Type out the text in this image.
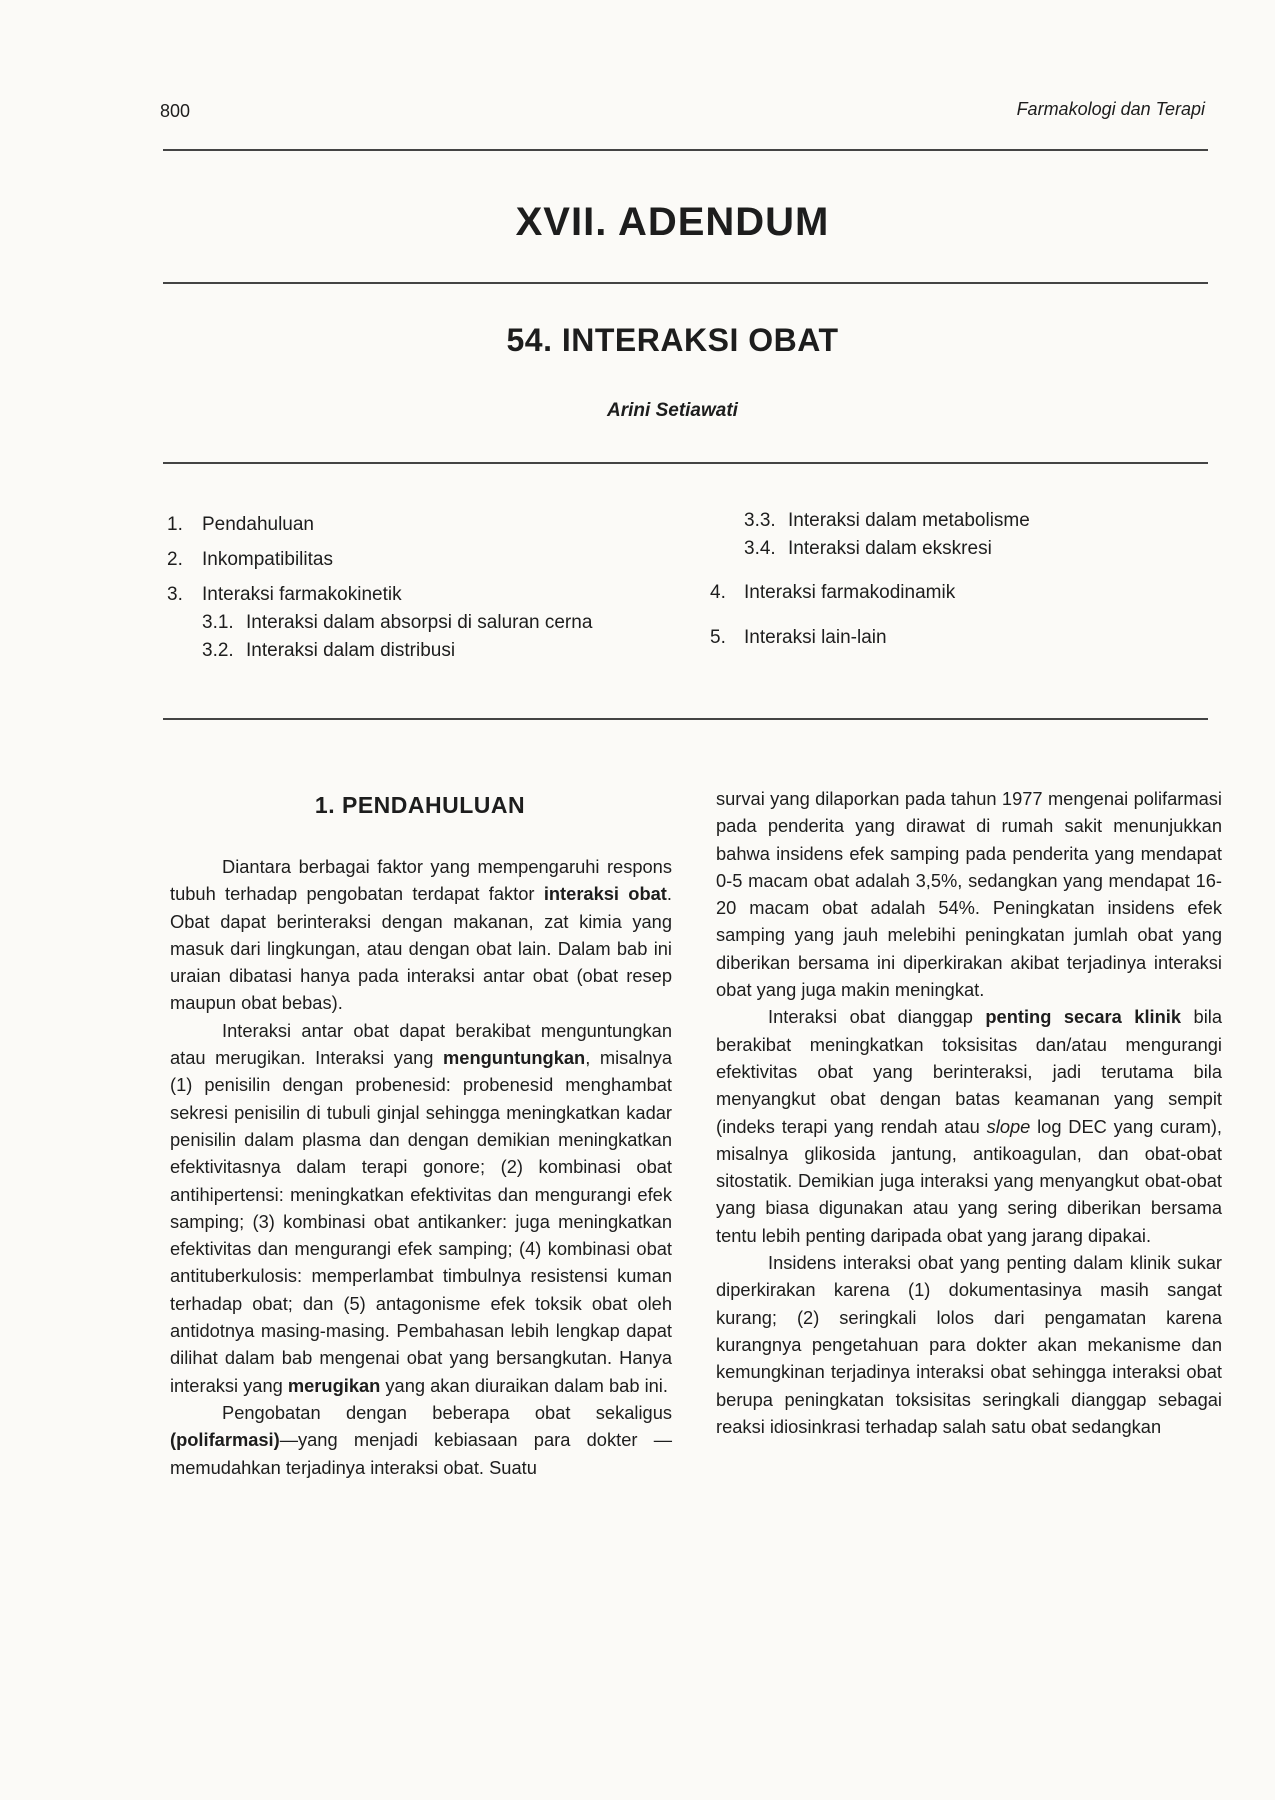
800	Farmakologi dan Terapi
XVII. ADENDUM
54. INTERAKSI OBAT
Arini Setiawati
1. Pendahuluan
2. Inkompatibilitas
3. Interaksi farmakokinetik
3.1. Interaksi dalam absorpsi di saluran cerna
3.2. Interaksi dalam distribusi
3.3. Interaksi dalam metabolisme
3.4. Interaksi dalam ekskresi
4. Interaksi farmakodinamik
5. Interaksi lain-lain
1. PENDAHULUAN

Diantara berbagai faktor yang mempengaruhi respons tubuh terhadap pengobatan terdapat faktor interaksi obat. Obat dapat berinteraksi dengan makanan, zat kimia yang masuk dari lingkungan, atau dengan obat lain. Dalam bab ini uraian dibatasi hanya pada interaksi antar obat (obat resep maupun obat bebas).

Interaksi antar obat dapat berakibat menguntungkan atau merugikan. Interaksi yang menguntungkan, misalnya (1) penisilin dengan probenesid: probenesid menghambat sekresi penisilin di tubuli ginjal sehingga meningkatkan kadar penisilin dalam plasma dan dengan demikian meningkatkan efektivitasnya dalam terapi gonore; (2) kombinasi obat antihipertensi: meningkatkan efektivitas dan mengurangi efek samping; (3) kombinasi obat antikanker: juga meningkatkan efektivitas dan mengurangi efek samping; (4) kombinasi obat antituberkulosis: memperlambat timbulnya resistensi kuman terhadap obat; dan (5) antagonisme efek toksik obat oleh antidotnya masing-masing. Pembahasan lebih lengkap dapat dilihat dalam bab mengenai obat yang bersangkutan. Hanya interaksi yang merugikan yang akan diuraikan dalam bab ini.

Pengobatan dengan beberapa obat sekaligus (polifarmasi)—yang menjadi kebiasaan para dokter — memudahkan terjadinya interaksi obat. Suatu

survai yang dilaporkan pada tahun 1977 mengenai polifarmasi pada penderita yang dirawat di rumah sakit menunjukkan bahwa insidens efek samping pada penderita yang mendapat 0-5 macam obat adalah 3,5%, sedangkan yang mendapat 16- 20 macam obat adalah 54%. Peningkatan insidens efek samping yang jauh melebihi peningkatan jumlah obat yang diberikan bersama ini diperkirakan akibat terjadinya interaksi obat yang juga makin meningkat.

Interaksi obat dianggap penting secara klinik bila berakibat meningkatkan toksisitas dan/atau mengurangi efektivitas obat yang berinteraksi, jadi terutama bila menyangkut obat dengan batas keamanan yang sempit (indeks terapi yang rendah atau slope log DEC yang curam), misalnya glikosida jantung, antikoagulan, dan obat-obat sitostatik. Demikian juga interaksi yang menyangkut obat-obat yang biasa digunakan atau yang sering diberikan bersama tentu lebih penting daripada obat yang jarang dipakai.

Insidens interaksi obat yang penting dalam klinik sukar diperkirakan karena (1) dokumentasinya masih sangat kurang; (2) seringkali lolos dari pengamatan karena kurangnya pengetahuan para dokter akan mekanisme dan kemungkinan terjadinya interaksi obat sehingga interaksi obat berupa peningkatan toksisitas seringkali dianggap sebagai reaksi idiosinkrasi terhadap salah satu obat sedangkan
